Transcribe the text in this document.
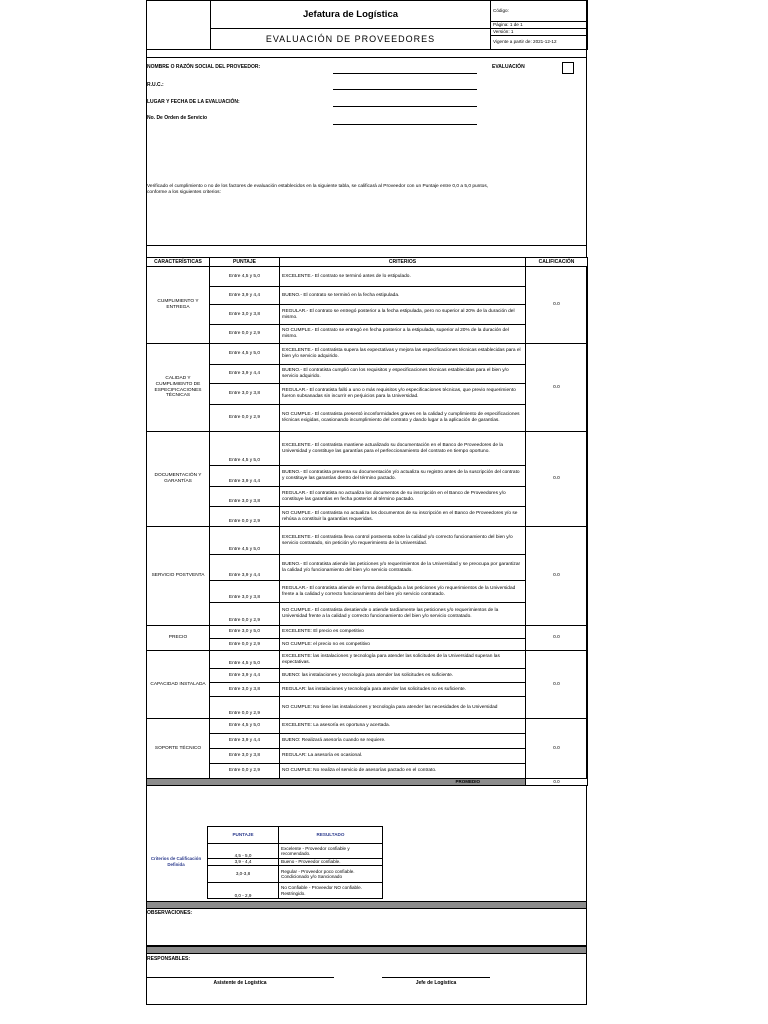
	Jefatura de Logística	Código:
		Página: 1 de 1
	EVALUACIÓN DE PROVEEDORES	Versión: 1
		Vigente a partir de: 2021-12-12
NOMBRE O RAZÓN SOCIAL DEL PROVEEDOR:
R.U.C.:
LUGAR Y FECHA DE LA EVALUACIÓN:
No. De Orden de Servicio
EVALUACIÓN
Verificado el cumplimiento o no de los factores de evaluación establecidos en la siguiente tabla, se calificará al Proveedor con un Puntaje entre 0,0 a 5,0 puntos, conforme a los siguientes criterios:
CARACTERÍSTICAS	PUNTAJE	CRITERIOS	CALIFICACIÓN
CUMPLIMIENTO Y ENTREGA	Entre 4,5 y 5,0	EXCELENTE.- El contrato se terminó antes de lo estipulado.	0.0
	Entre 3,9 y 4,4	BUENO.- El contrato se terminó en la fecha estipulada.	
	Entre 3,0 y 3,8	REGULAR.- El contrato se entregó posterior a la fecha estipulada, pero no superior al 20% de la duración del mismo.	
	Entre 0,0 y 2,9	NO CUMPLE.- El contrato se entregó en fecha posterior a la estipulada, superior al 20% de la duración del mismo.	
CALIDAD Y CUMPLIMIENTO DE ESPECIFICACIONES TÉCNICAS	Entre 4,5 y 5,0	EXCELENTE.- El contratista supera las expectativas y mejora las especificaciones técnicas establecidas para el bien y/o servicio adquirido.	0.0
	Entre 3,9 y 4,4	BUENO.- El contratista cumplió con los requisitos y especificaciones técnicas establecidas para el bien y/o servicio adquirido.	
	Entre 3,0 y 3,8	REGULAR.- El contratista falló a uno o más requisitos y/o especificaciones técnicas, que previo requerimiento fueron subsanadas sin incurrir en perjuicios para la Universidad.	
	Entre 0,0 y 2,9	NO CUMPLE.- El contratista presentó inconformidades graves en la calidad y cumplimiento de especificaciones técnicas exigidas, ocasionando incumplimiento del contrato y dando lugar a la aplicación de garantías.	
DOCUMENTACIÓN Y GARANTÍAS	Entre 4,5 y 5,0	EXCELENTE.- El contratista mantiene actualizado su documentación en el Banco de Proveedores de la Universidad y constituye las garantías para el perfeccionamiento del contrato en tiempo oportuno.	0.0
	Entre 3,9 y 4,4	BUENO.- El contratista presenta su documentación y/o actualiza su registro antes de la suscripción del contrato y constituye las garantías dentro del término pactado.	
	Entre 3,0 y 3,8	REGULAR.- El contratista no actualiza los documentos de su inscripción en el Banco de Proveedores y/o constituye las garantías en fecha posterior al término pactado.	
	Entre 0,0 y 2,9	NO CUMPLE.- El contratista no actualiza los documentos de su inscripción en el Banco de Proveedores y/o se rehúsa a constituir la garantías requeridas.	
SERVICIO POSTVENTA	Entre 4,5 y 5,0	EXCELENTE.- El contratista lleva control postventa sobre la calidad y/o correcto funcionamiento del bien y/o servicio contratado, sin petición y/o requerimiento de la Universidad.	0.0
	Entre 3,9 y 4,4	BUENO.- El contratista atiende las peticiones y/o requerimientos de la Universidad y se preocupa por garantizar la calidad y/o funcionamiento del bien y/o servicio contratado.	
	Entre 3,0 y 3,8	REGULAR.- El contratista atiende en forma desobligada a las peticiones y/o requerimientos de la Universidad frente a la calidad y correcto funcionamiento del bien y/o servicio contratado.	
	Entre 0,0 y 2,9	NO CUMPLE.- El contratista desatiende o atiende tardíamente las peticiones y/o requerimientos de la Universidad frente a la calidad y correcto funcionamiento del bien y/o servicio contratado.	
PRECIO	Entre 3,0 y 5,0	EXCELENTE: El precio es competitivo	0.0
	Entre 0,0 y 2,9	NO CUMPLE: el precio no es competitivo	
CAPACIDAD INSTALADA	Entre 4,5 y 5,0	EXCELENTE: las instalaciones y tecnología para atender las solicitudes de la Universidad superan las expectativas.	0.0
	Entre 3,9 y 4,4	BUENO: las instalaciones y tecnología para atender las solicitudes es suficiente.	
	Entre 3,0 y 3,8	REGULAR: las instalaciones y tecnología para atender las solicitudes no es suficiente.	
	Entre 0,0 y 2,9	NO CUMPLE: No tiene las instalaciones y tecnología para atender las necesidades de la Universidad	
SOPORTE TÉCNICO	Entre 4,5 y 5,0	EXCELENTE: La asesoría es oportuna y acertada.	0.0
	Entre 3,9 y 4,4	BUENO: Realizará asesoría cuando se requiere.	
	Entre 3,0 y 3,8	REGULAR: La asesoría es ocasional.	
	Entre 0,0 y 2,9	NO CUMPLE: No realiza el servicio de asesorías pactado en el contrato.	
PROMEDIO			0.0
Criterios de Calificación Definida
PUNTAJE	RESULTADO
4,5 - 5,0	Excelente - Proveedor confiable y recomendado.
3,9 - 4,4	Bueno - Proveedor confiable.
3,0-3,8	Regular - Proveedor poco confiable. Condicionado y/o Sancionado
0,0 - 2,9	No Confiable - Proveedor NO confiable. Restringido.
OBSERVACIONES:
RESPONSABLES:
Asistente de Logística	Jefe de Logística
